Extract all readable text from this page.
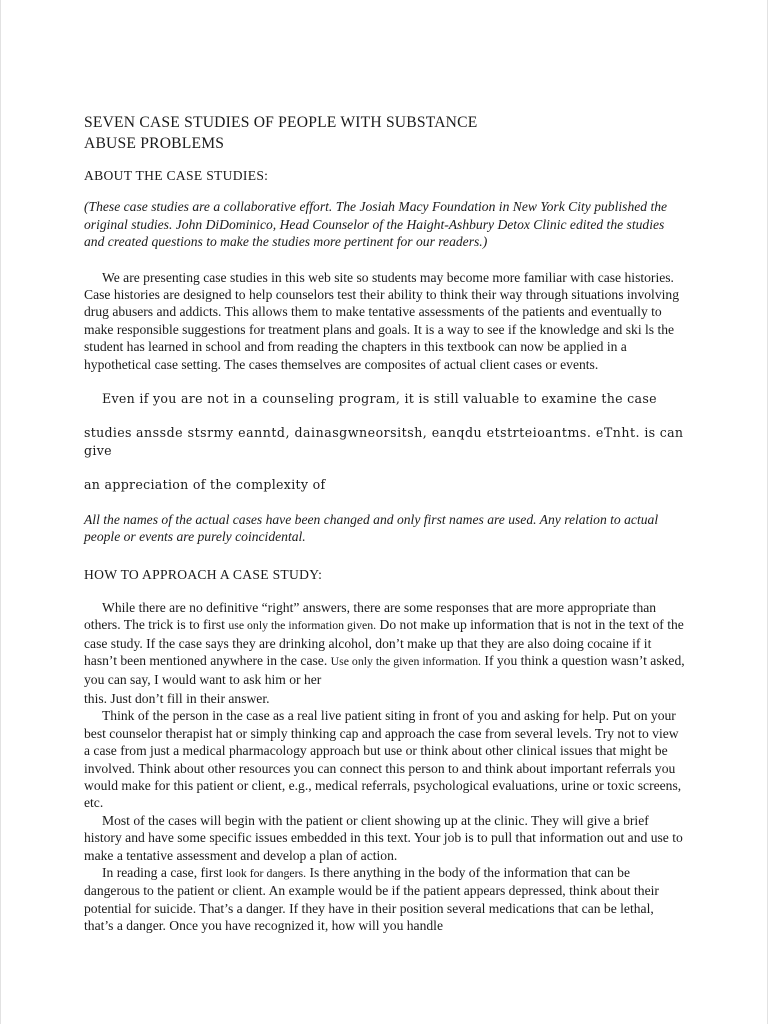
SEVEN CASE STUDIES OF PEOPLE WITH SUBSTANCE
ABUSE PROBLEMS
ABOUT THE CASE STUDIES:

(These case studies are a collaborative effort. The Josiah Macy Foundation in New York City published the original studies. John DiDominico, Head Counselor of the Haight-Ashbury Detox Clinic edited the studies and created questions to make the studies more pertinent for our readers.)

We are presenting case studies in this web site so students may become more familiar with case histories. Case histories are designed to help counselors test their ability to think their way through situations involving drug abusers and addicts. This allows them to make tentative assessments of the patients and eventually to make responsible suggestions for treatment plans and goals. It is a way to see if the knowledge and ski ls the student has learned in school and from reading the chapters in this textbook can now be applied in a hypothetical case setting. The cases themselves are composites of actual client cases or events.

Even if you are not in a counseling program, it is still valuable to examine the case
studies anssde stsrmy eanntd, dainasgwneorsitsh, eanqdu etstrteioantms. eTnht. is can give
an appreciation of the complexity of

All the names of the actual cases have been changed and only first names are used. Any relation to actual people or events are purely coincidental.

HOW TO APPROACH A CASE STUDY:

While there are no definitive “right” answers, there are some responses that are more appropriate than others. The trick is to first use only the information given. Do not make up information that is not in the text of the case study. If the case says they are drinking alcohol, don’t make up that they are also doing cocaine if it hasn’t been mentioned anywhere in the case. Use only the given information. If you think a question wasn’t asked, you can say, I would want to ask him or her

this. Just don’t fill in their answer.

Think of the person in the case as a real live patient siting in front of you and asking for help. Put on your best counselor therapist hat or simply thinking cap and approach the case from several levels. Try not to view a case from just a medical pharmacology approach but use or think about other clinical issues that might be involved. Think about other resources you can connect this person to and think about important referrals you would make for this patient or client, e.g., medical referrals, psychological evaluations, urine or toxic screens, etc.

Most of the cases will begin with the patient or client showing up at the clinic. They will give a brief history and have some specific issues embedded in this text. Your job is to pull that information out and use to make a tentative assessment and develop a plan of action.

In reading a case, first look for dangers. Is there anything in the body of the information that can be dangerous to the patient or client. An example would be if the patient appears depressed, think about their potential for suicide. That’s a danger. If they have in their position several medications that can be lethal, that’s a danger. Once you have recognized it, how will you handle
